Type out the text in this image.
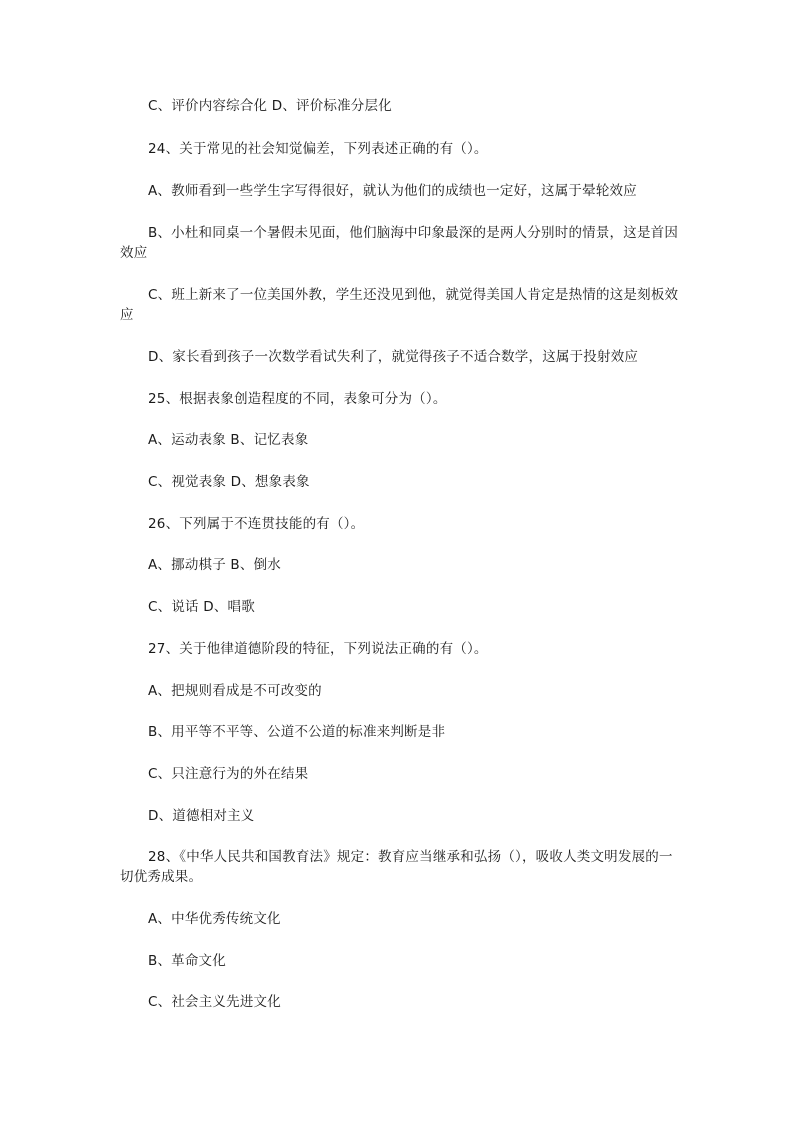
C、评价内容综合化 D、评价标准分层化
24、关于常见的社会知觉偏差，下列表述正确的有（）。
A、教师看到一些学生字写得很好，就认为他们的成绩也一定好，这属于晕轮效应
B、小杜和同桌一个暑假未见面，他们脑海中印象最深的是两人分别时的情景，这是首因效应
C、班上新来了一位美国外教，学生还没见到他，就觉得美国人肯定是热情的这是刻板效应
D、家长看到孩子一次数学看试失利了，就觉得孩子不适合数学，这属于投射效应
25、根据表象创造程度的不同，表象可分为（）。
A、运动表象 B、记忆表象
C、视觉表象 D、想象表象
26、下列属于不连贯技能的有（）。
A、挪动棋子 B、倒水
C、说话 D、唱歌
27、关于他律道德阶段的特征，下列说法正确的有（）。
A、把规则看成是不可改变的
B、用平等不平等、公道不公道的标准来判断是非
C、只注意行为的外在结果
D、道德相对主义
28、《中华人民共和国教育法》规定：教育应当继承和弘扬（），吸收人类文明发展的一切优秀成果。
A、中华优秀传统文化
B、革命文化
C、社会主义先进文化
